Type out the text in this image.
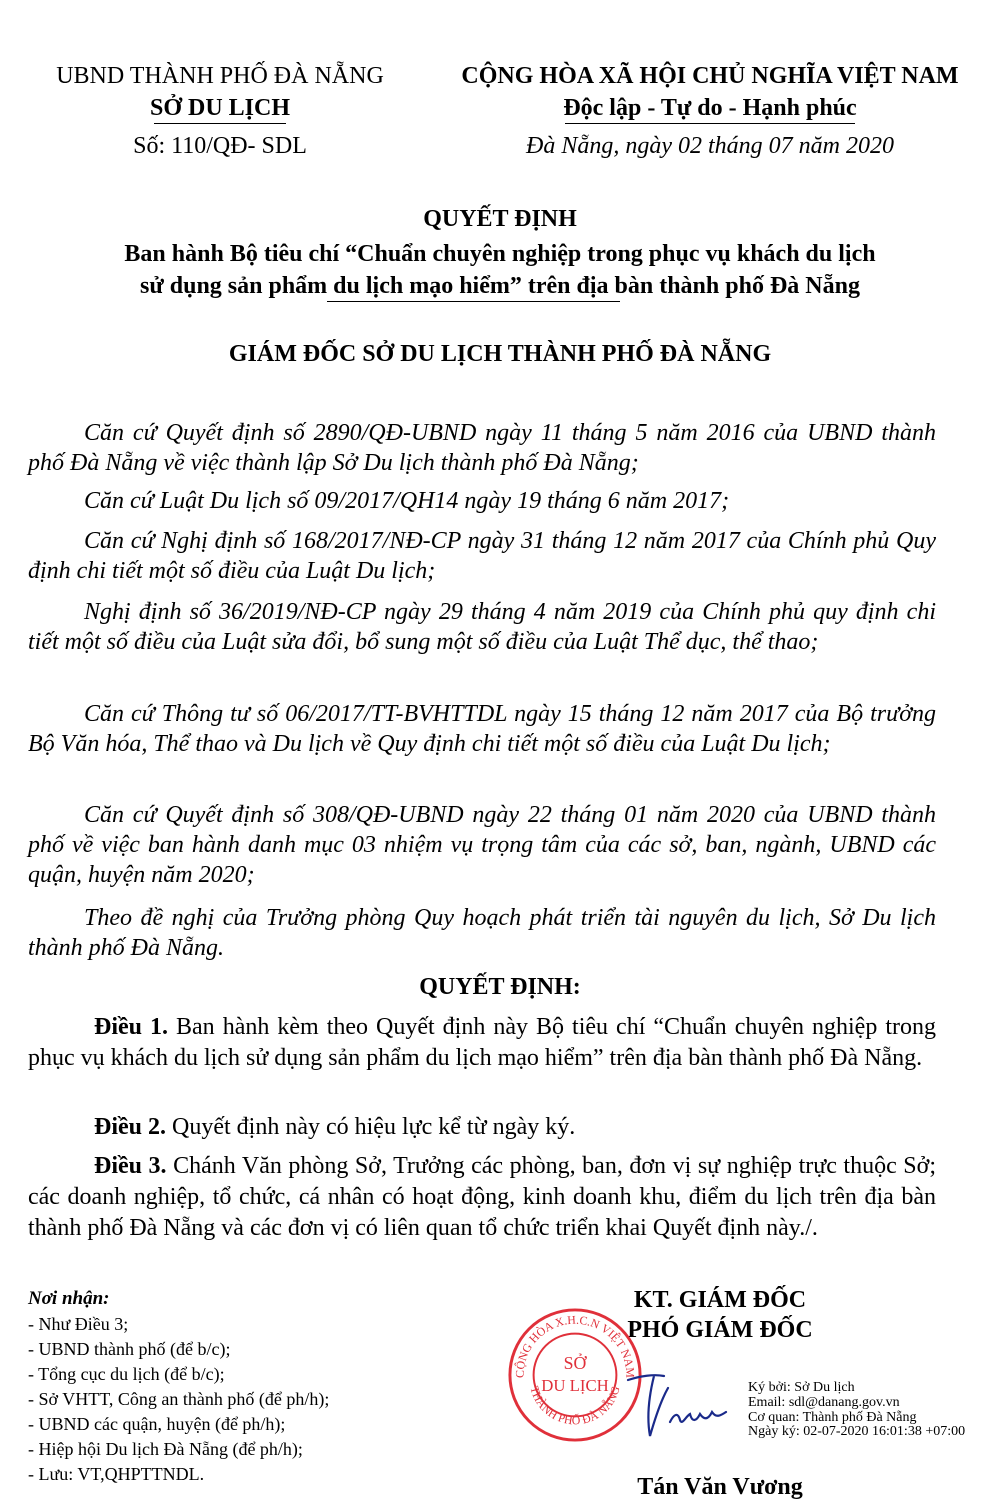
UBND THÀNH PHỐ ĐÀ NẴNG
SỞ DU LỊCH
Số: 110/QĐ- SDL
CỘNG HÒA XÃ HỘI CHỦ NGHĨA VIỆT NAM
Độc lập - Tự do - Hạnh phúc
Đà Nẵng, ngày 02 tháng 07 năm 2020
QUYẾT ĐỊNH
Ban hành Bộ tiêu chí “Chuẩn chuyên nghiệp trong phục vụ khách du lịch
sử dụng sản phẩm du lịch mạo hiểm” trên địa bàn thành phố Đà Nẵng
GIÁM ĐỐC SỞ DU LỊCH THÀNH PHỐ ĐÀ NẴNG
Căn cứ Quyết định số 2890/QĐ-UBND ngày 11 tháng 5 năm 2016 của UBND thành phố Đà Nẵng về việc thành lập Sở Du lịch thành phố Đà Nẵng;
Căn cứ Luật Du lịch số 09/2017/QH14 ngày 19 tháng 6 năm 2017;
Căn cứ Nghị định số 168/2017/NĐ-CP ngày 31 tháng 12 năm 2017 của Chính phủ Quy định chi tiết một số điều của Luật Du lịch;
Nghị định số 36/2019/NĐ-CP ngày 29 tháng 4 năm 2019 của Chính phủ quy định chi tiết một số điều của Luật sửa đổi, bổ sung một số điều của Luật Thể dục, thể thao;
Căn cứ Thông tư số 06/2017/TT-BVHTTDL ngày 15 tháng 12 năm 2017 của Bộ trưởng Bộ Văn hóa, Thể thao và Du lịch về Quy định chi tiết một số điều của Luật Du lịch;
Căn cứ Quyết định số 308/QĐ-UBND ngày 22 tháng 01 năm 2020 của UBND thành phố về việc ban hành danh mục 03 nhiệm vụ trọng tâm của các sở, ban, ngành, UBND các quận, huyện năm 2020;
Theo đề nghị của Trưởng phòng Quy hoạch phát triển tài nguyên du lịch, Sở Du lịch thành phố Đà Nẵng.
QUYẾT ĐỊNH:
Điều 1. Ban hành kèm theo Quyết định này Bộ tiêu chí “Chuẩn chuyên nghiệp trong phục vụ khách du lịch sử dụng sản phẩm du lịch mạo hiểm” trên địa bàn thành phố Đà Nẵng.
Điều 2. Quyết định này có hiệu lực kể từ ngày ký.
Điều 3. Chánh Văn phòng Sở, Trưởng các phòng, ban, đơn vị sự nghiệp trực thuộc Sở; các doanh nghiệp, tổ chức, cá nhân có hoạt động, kinh doanh khu, điểm du lịch trên địa bàn thành phố Đà Nẵng và các đơn vị có liên quan tổ chức triển khai Quyết định này./.
Nơi nhận:
- Như Điều 3;
- UBND thành phố (để b/c);
- Tổng cục du lịch (để b/c);
- Sở VHTT, Công an thành phố (để ph/h);
- UBND các quận, huyện (để ph/h);
- Hiệp hội Du lịch Đà Nẵng (để ph/h);
- Lưu: VT,QHPTTNDL.
KT. GIÁM ĐỐC
PHÓ GIÁM ĐỐC
CỘNG HÒA X.H.C.N VIỆT NAM
THÀNH PHỐ ĐÀ NẴNG
SỞ
DU LỊCH	Ký bởi: Sở Du lịch
Email: sdl@danang.gov.vn
Cơ quan: Thành phố Đà Nẵng
Ngày ký: 02-07-2020 16:01:38 +07:00
Tán Văn Vương
